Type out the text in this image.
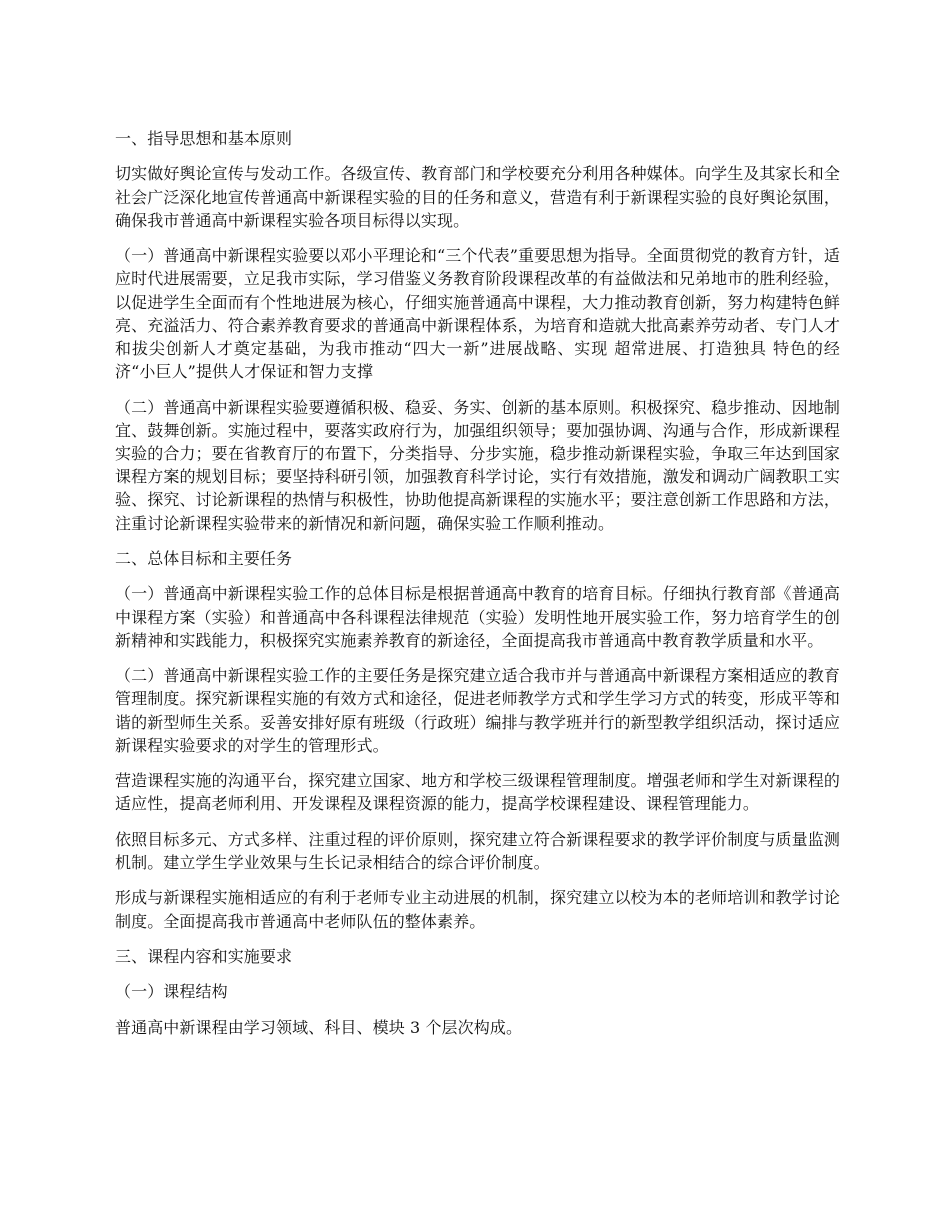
一、指导思想和基本原则

切实做好舆论宣传与发动工作。各级宣传、教育部门和学校要充分利用各种媒体。向学生及其家长和全社会广泛深化地宣传普通高中新课程实验的目的任务和意义，营造有利于新课程实验的良好舆论氛围，确保我市普通高中新课程实验各项目标得以实现。

（一）普通高中新课程实验要以邓小平理论和“三个代表”重要思想为指导。全面贯彻党的教育方针，适应时代进展需要，立足我市实际，学习借鉴义务教育阶段课程改革的有益做法和兄弟地市的胜利经验，以促进学生全面而有个性地进展为核心，仔细实施普通高中课程，大力推动教育创新，努力构建特色鲜亮、充溢活力、符合素养教育要求的普通高中新课程体系，为培育和造就大批高素养劳动者、专门人才和拔尖创新人才奠定基础，为我市推动“四大一新”进展战略、实现 超常进展、打造独具 特色的经济“小巨人”提供人才保证和智力支撑

（二）普通高中新课程实验要遵循积极、稳妥、务实、创新的基本原则。积极探究、稳步推动、因地制宜、鼓舞创新。实施过程中，要落实政府行为，加强组织领导；要加强协调、沟通与合作，形成新课程实验的合力；要在省教育厅的布置下，分类指导、分步实施，稳步推动新课程实验，争取三年达到国家课程方案的规划目标；要坚持科研引领，加强教育科学讨论，实行有效措施，激发和调动广阔教职工实验、探究、讨论新课程的热情与积极性，协助他提高新课程的实施水平；要注意创新工作思路和方法，注重讨论新课程实验带来的新情况和新问题，确保实验工作顺利推动。

二、总体目标和主要任务

（一）普通高中新课程实验工作的总体目标是根据普通高中教育的培育目标。仔细执行教育部《普通高中课程方案（实验）和普通高中各科课程法律规范（实验）发明性地开展实验工作，努力培育学生的创新精神和实践能力，积极探究实施素养教育的新途径，全面提高我市普通高中教育教学质量和水平。

（二）普通高中新课程实验工作的主要任务是探究建立适合我市并与普通高中新课程方案相适应的教育管理制度。探究新课程实施的有效方式和途径，促进老师教学方式和学生学习方式的转变，形成平等和谐的新型师生关系。妥善安排好原有班级（行政班）编排与教学班并行的新型教学组织活动，探讨适应新课程实验要求的对学生的管理形式。

营造课程实施的沟通平台，探究建立国家、地方和学校三级课程管理制度。增强老师和学生对新课程的适应性，提高老师利用、开发课程及课程资源的能力，提高学校课程建设、课程管理能力。

依照目标多元、方式多样、注重过程的评价原则，探究建立符合新课程要求的教学评价制度与质量监测机制。建立学生学业效果与生长记录相结合的综合评价制度。

形成与新课程实施相适应的有利于老师专业主动进展的机制，探究建立以校为本的老师培训和教学讨论制度。全面提高我市普通高中老师队伍的整体素养。

三、课程内容和实施要求

（一）课程结构

普通高中新课程由学习领域、科目、模块 3 个层次构成。
